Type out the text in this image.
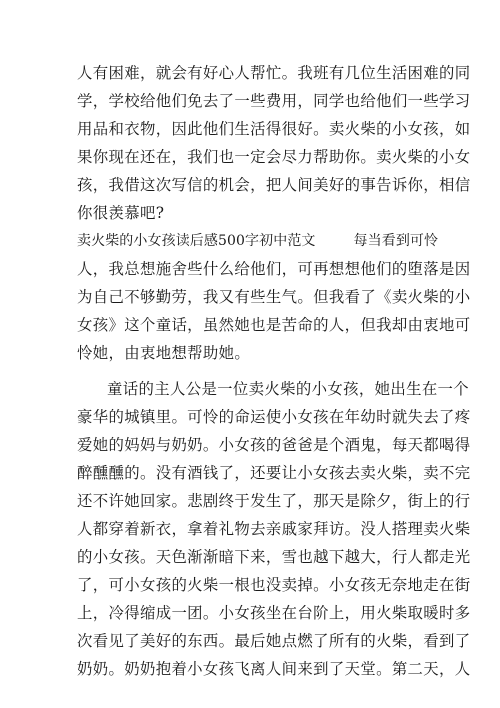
人有困难，就会有好心人帮忙。我班有几位生活困难的同
学，学校给他们免去了一些费用，同学也给他们一些学习
用品和衣物，因此他们生活得很好。卖火柴的小女孩，如
果你现在还在，我们也一定会尽力帮助你。卖火柴的小女
孩，我借这次写信的机会，把人间美好的事告诉你，相信
你很羡慕吧?
卖火柴的小女孩读后感500字初中范文	每当看到可怜
人，我总想施舍些什么给他们，可再想想他们的堕落是因
为自己不够勤劳，我又有些生气。但我看了《卖火柴的小
女孩》这个童话，虽然她也是苦命的人，但我却由衷地可
怜她，由衷地想帮助她。
童话的主人公是一位卖火柴的小女孩，她出生在一个
豪华的城镇里。可怜的命运使小女孩在年幼时就失去了疼
爱她的妈妈与奶奶。小女孩的爸爸是个酒鬼，每天都喝得
醉醺醺的。没有酒钱了，还要让小女孩去卖火柴，卖不完
还不许她回家。悲剧终于发生了，那天是除夕，街上的行
人都穿着新衣，拿着礼物去亲戚家拜访。没人搭理卖火柴
的小女孩。天色渐渐暗下来，雪也越下越大，行人都走光
了，可小女孩的火柴一根也没卖掉。小女孩无奈地走在街
上，冷得缩成一团。小女孩坐在台阶上，用火柴取暖时多
次看见了美好的东西。最后她点燃了所有的火柴，看到了
奶奶。奶奶抱着小女孩飞离人间来到了天堂。第二天，人
